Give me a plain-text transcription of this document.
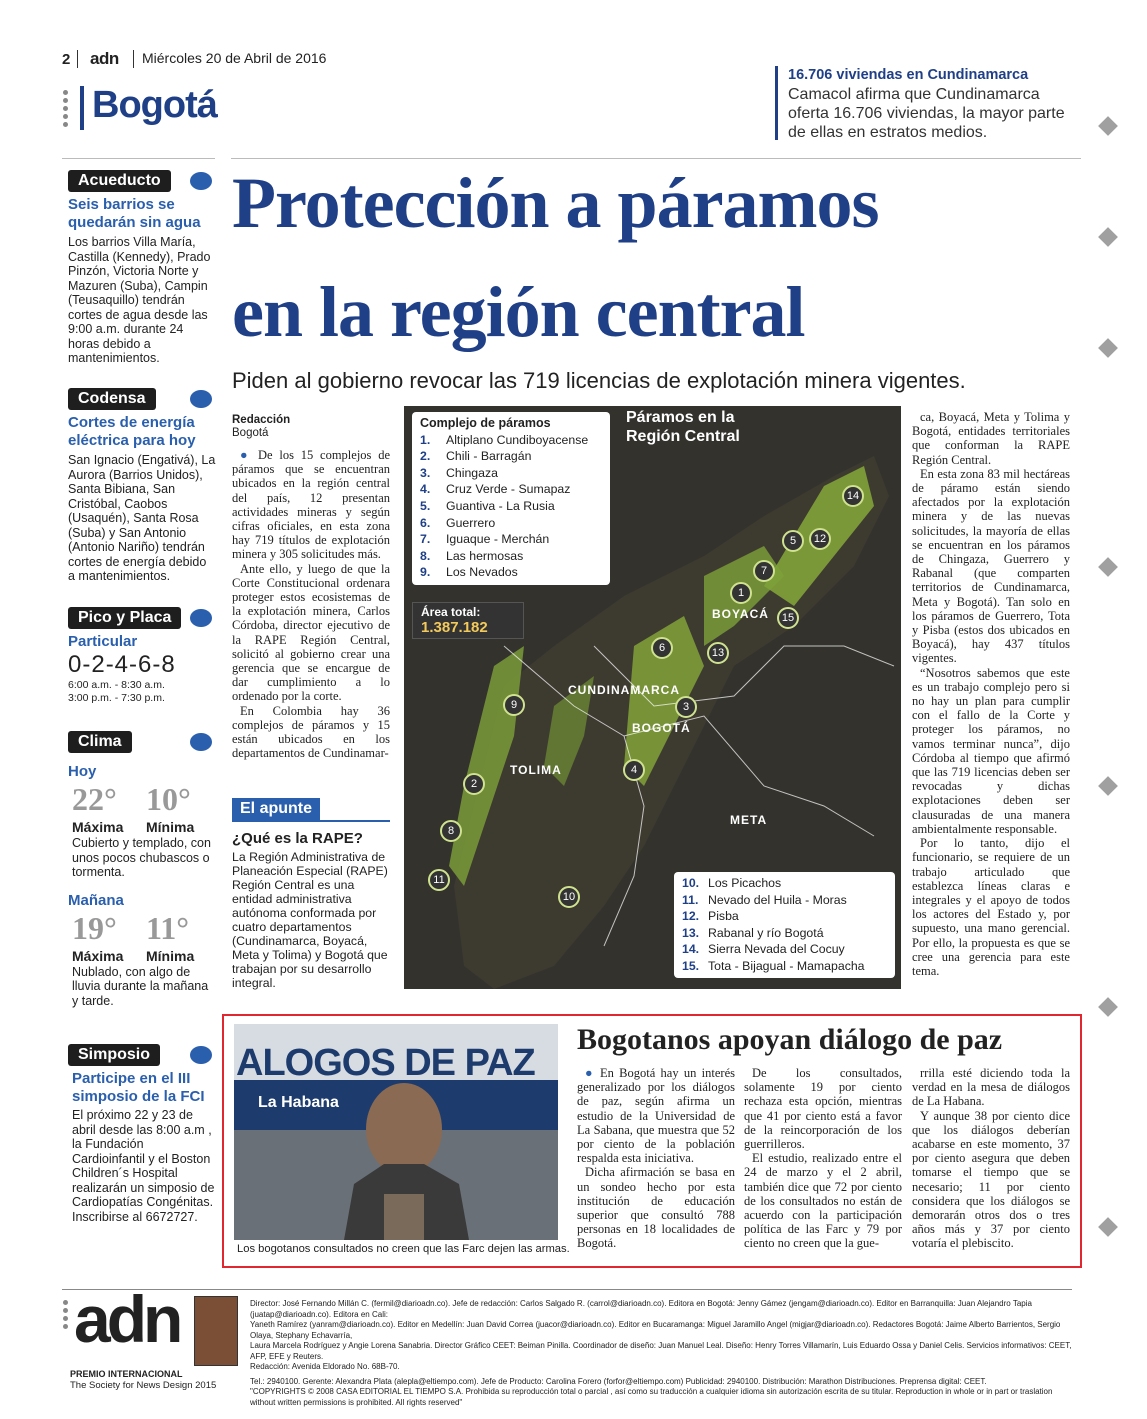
2 adn Miércoles 20 de Abril de 2016
Bogotá
16.706 viviendas en Cundinamarca
Camacol afirma que Cundinamarca oferta 16.706 viviendas, la mayor parte de ellas en estratos medios.
Acueducto
Seis barrios se quedarán sin agua
Los barrios Villa María, Castilla (Kennedy), Prado Pinzón, Victoria Norte y Mazuren (Suba), Campin (Teusaquillo) tendrán cortes de agua desde las 9:00 a.m. durante 24 horas debido a mantenimientos.
Codensa
Cortes de energía eléctrica para hoy
San Ignacio (Engativá), La Aurora (Barrios Unidos), Santa Bibiana, San Cristóbal, Caobos (Usaquén), Santa Rosa (Suba) y San Antonio (Antonio Nariño) tendrán cortes de energía debido a mantenimientos.
Pico y Placa
Particular
0-2-4-6-8
6:00 a.m. - 8:30 a.m.
3:00 p.m. - 7:30 p.m.
Clima
Hoy
22° 10°
Máxima Mínima
Cubierto y templado, con unos pocos chubascos o tormenta.
Mañana
19° 11°
Máxima Mínima
Nublado, con algo de lluvia durante la mañana y tarde.
Simposio
Participe en el III simposio de la FCI
El próximo 22 y 23 de abril desde las 8:00 a.m , la Fundación Cardioinfantil y el Boston Children´s Hospital realizarán un simposio de Cardiopatías Congénitas. Inscribirse al 6672727.
Protección a páramos
en la región central
Piden al gobierno revocar las 719 licencias de explotación minera vigentes.
Redacción
Bogotá

● De los 15 complejos de páramos que se encuentran ubicados en la región central del país, 12 presentan actividades mineras y según cifras oficiales, en esta zona hay 719 títulos de explotación minera y 305 solicitudes más.

Ante ello, y luego de que la Corte Constitucional ordenara proteger estos ecosistemas de la explotación minera, Carlos Córdoba, director ejecutivo de la RAPE Región Central, solicitó al gobierno crear una gerencia que se encargue de dar cumplimiento a lo ordenado por la corte.

En Colombia hay 36 complejos de páramos y 15 están ubicados en los departamentos de Cundinamar-

El apunte
¿Qué es la RAPE?
La Región Administrativa de Planeación Especial (RAPE) Región Central es una entidad administrativa autónoma conformada por cuatro departamentos (Cundinamarca, Boyacá, Meta y Tolima) y Bogotá que trabajan por su desarrollo integral.

ca, Boyacá, Meta y Tolima y Bogotá, entidades territoriales que conforman la RAPE Región Central.

En esta zona 83 mil hectáreas de páramo están siendo afectados por la explotación minera y de las nuevas solicitudes, la mayoría de ellas se encuentran en los páramos de Chingaza, Guerrero y Rabanal (que comparten territorios de Cundinamarca, Meta y Bogotá). Tan solo en los páramos de Guerrero, Tota y Pisba (estos dos ubicados en Boyacá), hay 437 títulos vigentes.

“Nosotros sabemos que este es un trabajo complejo pero si no hay un plan para cumplir con el fallo de la Corte y proteger los páramos, no vamos terminar nunca”, dijo Córdoba al tiempo que afirmó que las 719 licencias deben ser revocadas y dichas explotaciones deben ser clausuradas de una manera ambientalmente responsable.

Por lo tanto, dijo el funcionario, se requiere de un trabajo articulado que establezca líneas claras e integrales y el apoyo de todos los actores del Estado y, por supuesto, una mano gerencial. Por ello, la propuesta es que se cree una gerencia para este tema.

Complejo de páramos
1. Altiplano Cundiboyacense
2. Chili - Barragán
3. Chingaza
4. Cruz Verde - Sumapaz
5. Guantiva - La Rusia
6. Guerrero
7. Iguaque - Merchán
8. Las hermosas
9. Los Nevados
Páramos en la
Región Central
Área total:
1.387.182
BOYACÁ
CUNDINAMARCA
BOGOTÁ
TOLIMA
META
1
2
3
4
5
6
7
8
9
10
11
12
13
14
15
10. Los Picachos
11. Nevado del Huila - Moras
12. Pisba
13. Rabanal y río Bogotá
14. Sierra Nevada del Cocuy
15. Tota - Bijagual - Mamapacha
ALOGOS DE PAZ
La Habana
Los bogotanos consultados no creen que las Farc dejen las armas.
Bogotanos apoyan diálogo de paz

● En Bogotá hay un interés generalizado por los diálogos de paz, según afirma un estudio de la Universidad de La Sabana, que muestra que 52 por ciento de la población respalda esta iniciativa.

Dicha afirmación se basa en un sondeo hecho por esta institución de educación superior que consultó 788 personas en 18 localidades de Bogotá.

De los consultados, solamente 19 por ciento rechaza esta opción, mientras que 41 por ciento está a favor de la reincorporación de los guerrilleros.

El estudio, realizado entre el 24 de marzo y el 2 abril, también dice que 72 por ciento de los consultados no están de acuerdo con la participación política de las Farc y 79 por ciento no creen que la gue-

rrilla esté diciendo toda la verdad en la mesa de diálogos de La Habana.

Y aunque 38 por ciento dice que los diálogos deberían acabarse en este momento, 37 por ciento asegura que deben tomarse el tiempo que se necesario; 11 por ciento considera que los diálogos se demorarán otros dos o tres años más y 37 por ciento votaría el plebiscito.

adn
PREMIO INTERNACIONAL
The Society for News Design 2015
Director: José Fernando Millán C. (fermil@diarioadn.co). Jefe de redacción: Carlos Salgado R. (carrol@diarioadn.co). Editora en Bogotá: Jenny Gámez (jengam@diarioadn.co). Editor en Barranquilla: Juan Alejandro Tapia (juatap@diarioadn.co). Editora en Cali:
Yaneth Ramírez (yanram@diarioadn.co). Editor en Medellín: Juan David Correa (juacor@diarioadn.co). Editor en Bucaramanga: Miguel Jaramillo Angel (migjar@diarioadn.co). Redactores Bogotá: Jaime Alberto Barrientos, Sergio Olaya, Stephany Echavarría,
Laura Marcela Rodríguez y Angie Lorena Sanabria. Director Gráfico CEET: Beiman Pinilla. Coordinador de diseño: Juan Manuel Leal. Diseño: Henry Torres Villamarín, Luis Eduardo Ossa y Daniel Celis. Servicios informativos: CEET, AFP, EFE y Reuters.
Redacción: Avenida Eldorado No. 68B-70.
Tel.: 2940100. Gerente: Alexandra Plata (alepla@eltiempo.com). Jefe de Producto: Carolina Forero (forfor@eltiempo.com) Publicidad: 2940100. Distribución: Marathon Distribuciones. Preprensa digital: CEET.
"COPYRIGHTS © 2008 CASA EDITORIAL EL TIEMPO S.A. Prohibida su reproducción total o parcial , así como su traducción a cualquier idioma sin autorización escrita de su titular. Reproduction in whole or in part or traslation without written permissions is prohibited. All rights reserved"
